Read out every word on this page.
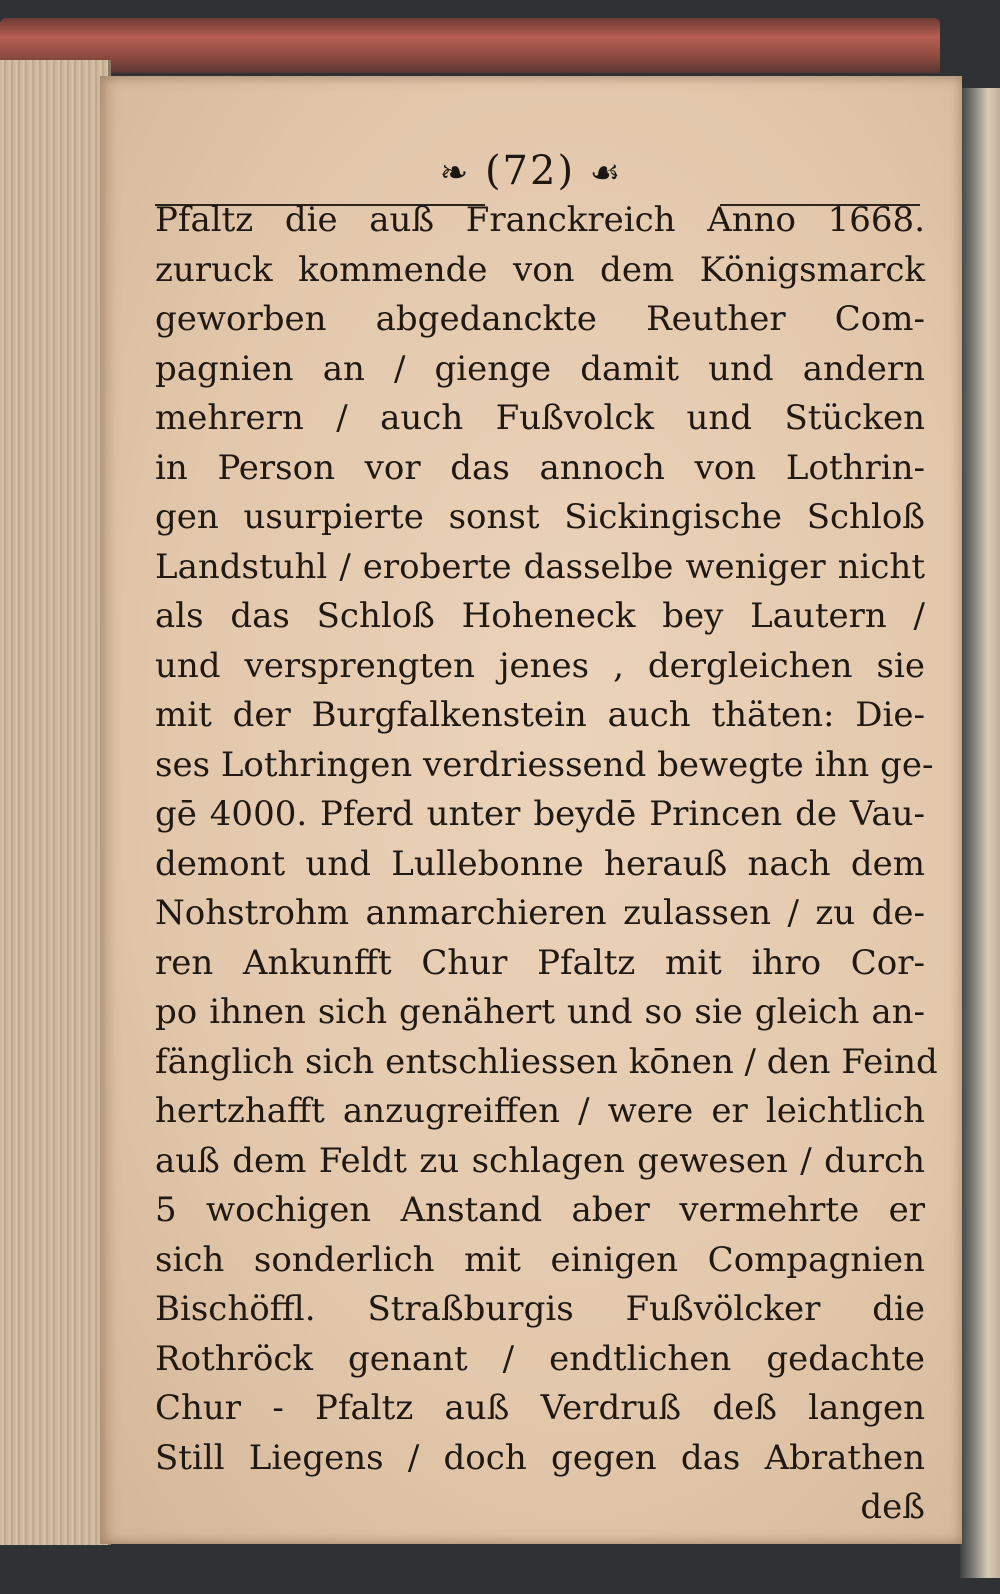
❧ (72) ☙
Pfaltz die auß Franckreich Anno 1668.
zuruck kommende von dem Königsmarck
geworben abgedanckte Reuther Com-
pagnien an / gienge damit und andern
mehrern / auch Fußvolck und Stücken
in Person vor das annoch von Lothrin-
gen usurpierte sonst Sickingische Schloß
Landstuhl / eroberte dasselbe weniger nicht
als das Schloß Hoheneck bey Lautern /
und versprengten jenes , dergleichen sie
mit der Burgfalkenstein auch thäten: Die-
ses Lothringen verdriessend bewegte ihn ge-
gē 4000. Pferd unter beydē Princen de Vau-
demont und Lullebonne herauß nach dem
Nohstrohm anmarchieren zulassen / zu de-
ren Ankunfft Chur Pfaltz mit ihro Cor-
po ihnen sich genähert und so sie gleich an-
fänglich sich entschliessen kōnen / den Feind
hertzhafft anzugreiffen / were er leichtlich
auß dem Feldt zu schlagen gewesen / durch
5 wochigen Anstand aber vermehrte er
sich sonderlich mit einigen Compagnien
Bischöffl. Straßburgis Fußvölcker die
Rothröck genant / endtlichen gedachte
Chur - Pfaltz auß Verdruß deß langen
Still Liegens / doch gegen das Abrathen
deß
